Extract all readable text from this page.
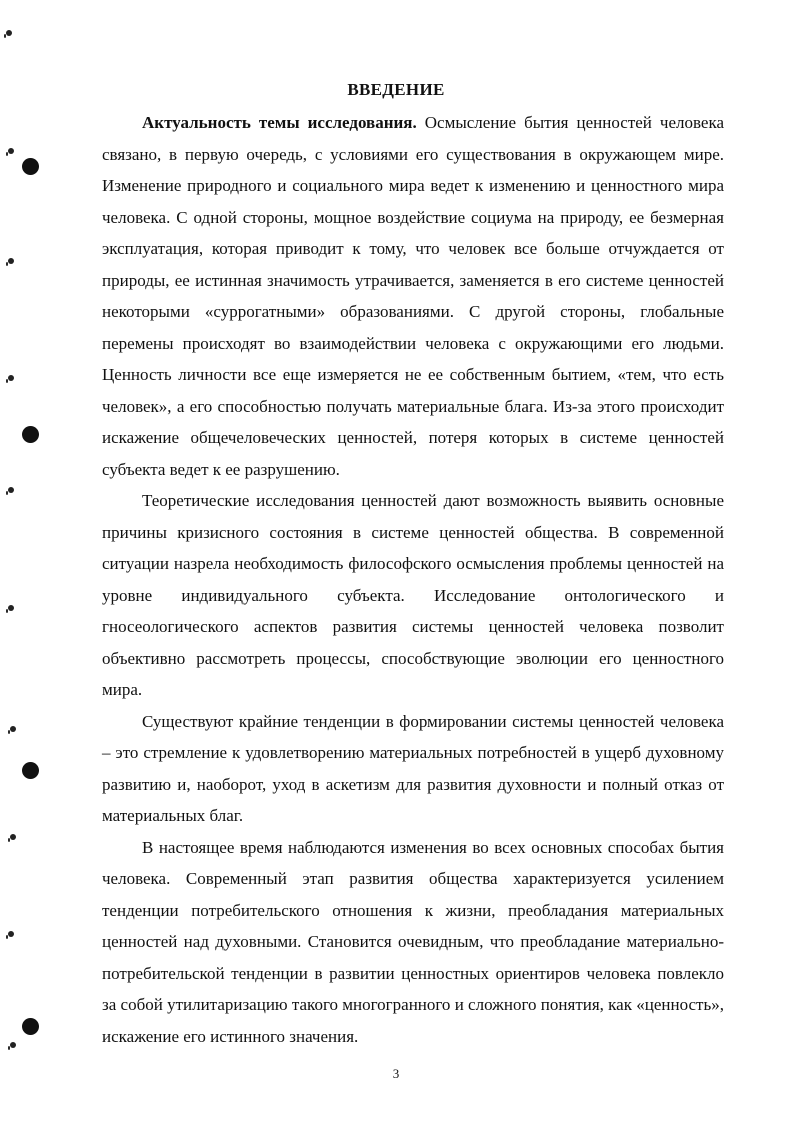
ВВЕДЕНИЕ

Актуальность темы исследования. Осмысление бытия ценностей человека связано, в первую очередь, с условиями его существования в окружающем мире. Изменение природного и социального мира ведет к изменению и ценностного мира человека. С одной стороны, мощное воздействие социума на природу, ее безмерная эксплуатация, которая приводит к тому, что человек все больше отчуждается от природы, ее истинная значимость утрачивается, заменяется в его системе ценностей некоторыми «суррогатными» образованиями. С другой стороны, глобальные перемены происходят во взаимодействии человека с окружающими его людьми. Ценность личности все еще измеряется не ее собственным бытием, «тем, что есть человек», а его способностью получать материальные блага. Из-за этого происходит искажение общечеловеческих ценностей, потеря которых в системе ценностей субъекта ведет к ее разрушению.

Теоретические исследования ценностей дают возможность выявить основные причины кризисного состояния в системе ценностей общества. В современной ситуации назрела необходимость философского осмысления проблемы ценностей на уровне индивидуального субъекта. Исследование онтологического и гносеологического аспектов развития системы ценностей человека позволит объективно рассмотреть процессы, способствующие эволюции его ценностного мира.

Существуют крайние тенденции в формировании системы ценностей человека – это стремление к удовлетворению материальных потребностей в ущерб духовному развитию и, наоборот, уход в аскетизм для развития духовности и полный отказ от материальных благ.

В настоящее время наблюдаются изменения во всех основных способах бытия человека. Современный этап развития общества характеризуется усилением тенденции потребительского отношения к жизни, преобладания материальных ценностей над духовными. Становится очевидным, что преобладание материально-потребительской тенденции в развитии ценностных ориентиров человека повлекло за собой утилитаризацию такого многогранного и сложного понятия, как «ценность», искажение его истинного значения.

3
